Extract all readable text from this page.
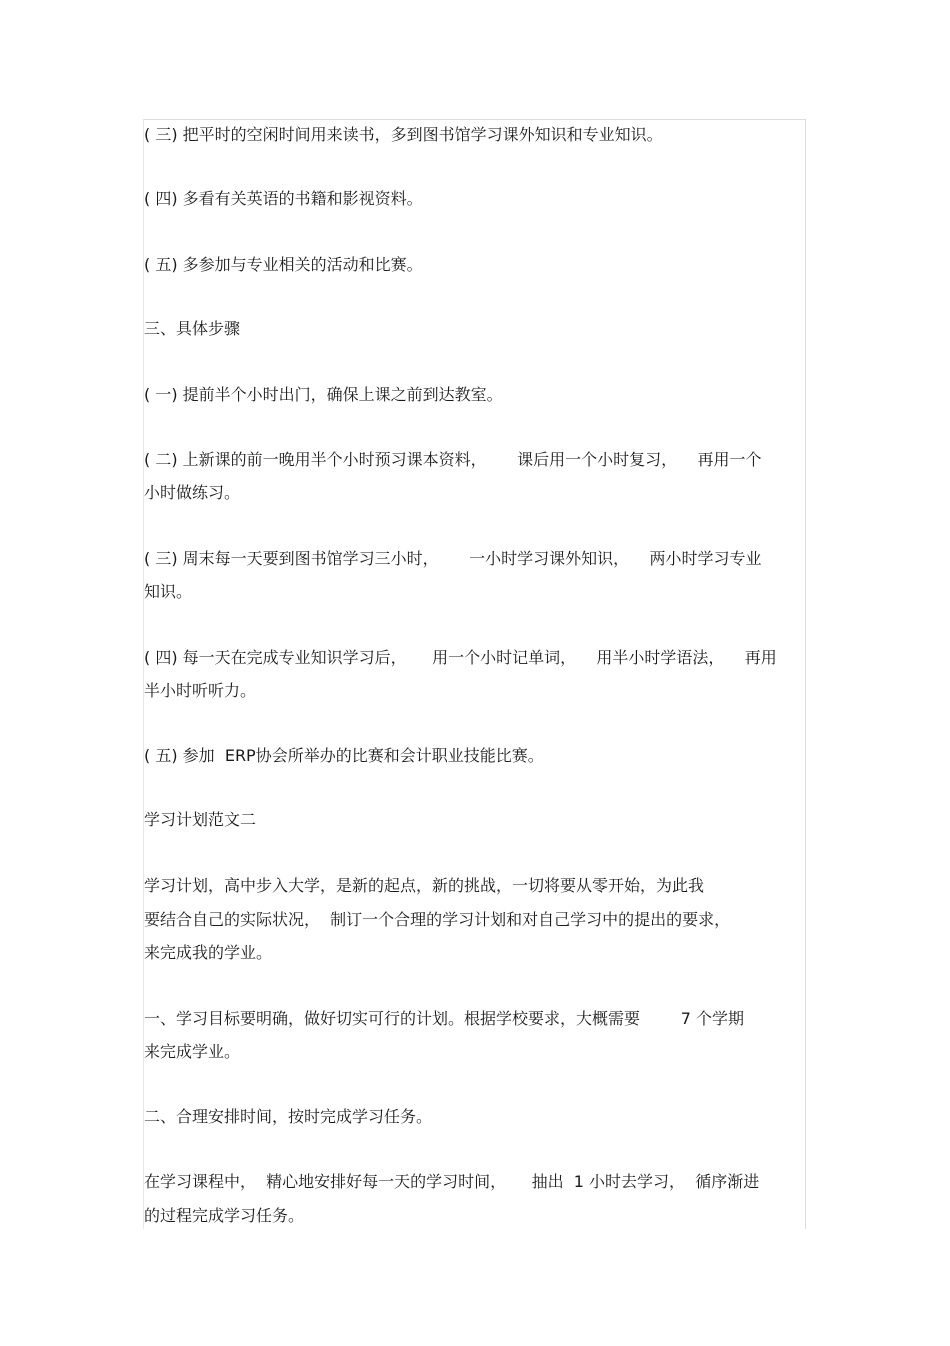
( 三) 把平时的空闲时间用来读书，多到图书馆学习课外知识和专业知识。
( 四) 多看有关英语的书籍和影视资料。
( 五) 多参加与专业相关的活动和比赛。
三、具体步骤
( 一) 提前半个小时出门，确保上课之前到达教室。
( 二) 上新课的前一晚用半个小时预习课本资料，      课后用一个小时复习，    再用一个
小时做练习。
( 三) 周末每一天要到图书馆学习三小时，      一小时学习课外知识，    两小时学习专业
知识。
( 四) 每一天在完成专业知识学习后，     用一个小时记单词，    用半小时学语法，    再用
半小时听听力。
( 五) 参加  ERP协会所举办的比赛和会计职业技能比赛。
学习计划范文二
学习计划，高中步入大学，是新的起点，新的挑战，一切将要从零开始，为此我
要结合自己的实际状况，  制订一个合理的学习计划和对自己学习中的提出的要求，
来完成我的学业。
一、学习目标要明确，做好切实可行的计划。根据学校要求，大概需要        7 个学期
来完成学业。
二、合理安排时间，按时完成学习任务。
在学习课程中，  精心地安排好每一天的学习时间，     抽出  1 小时去学习，  循序渐进
的过程完成学习任务。
